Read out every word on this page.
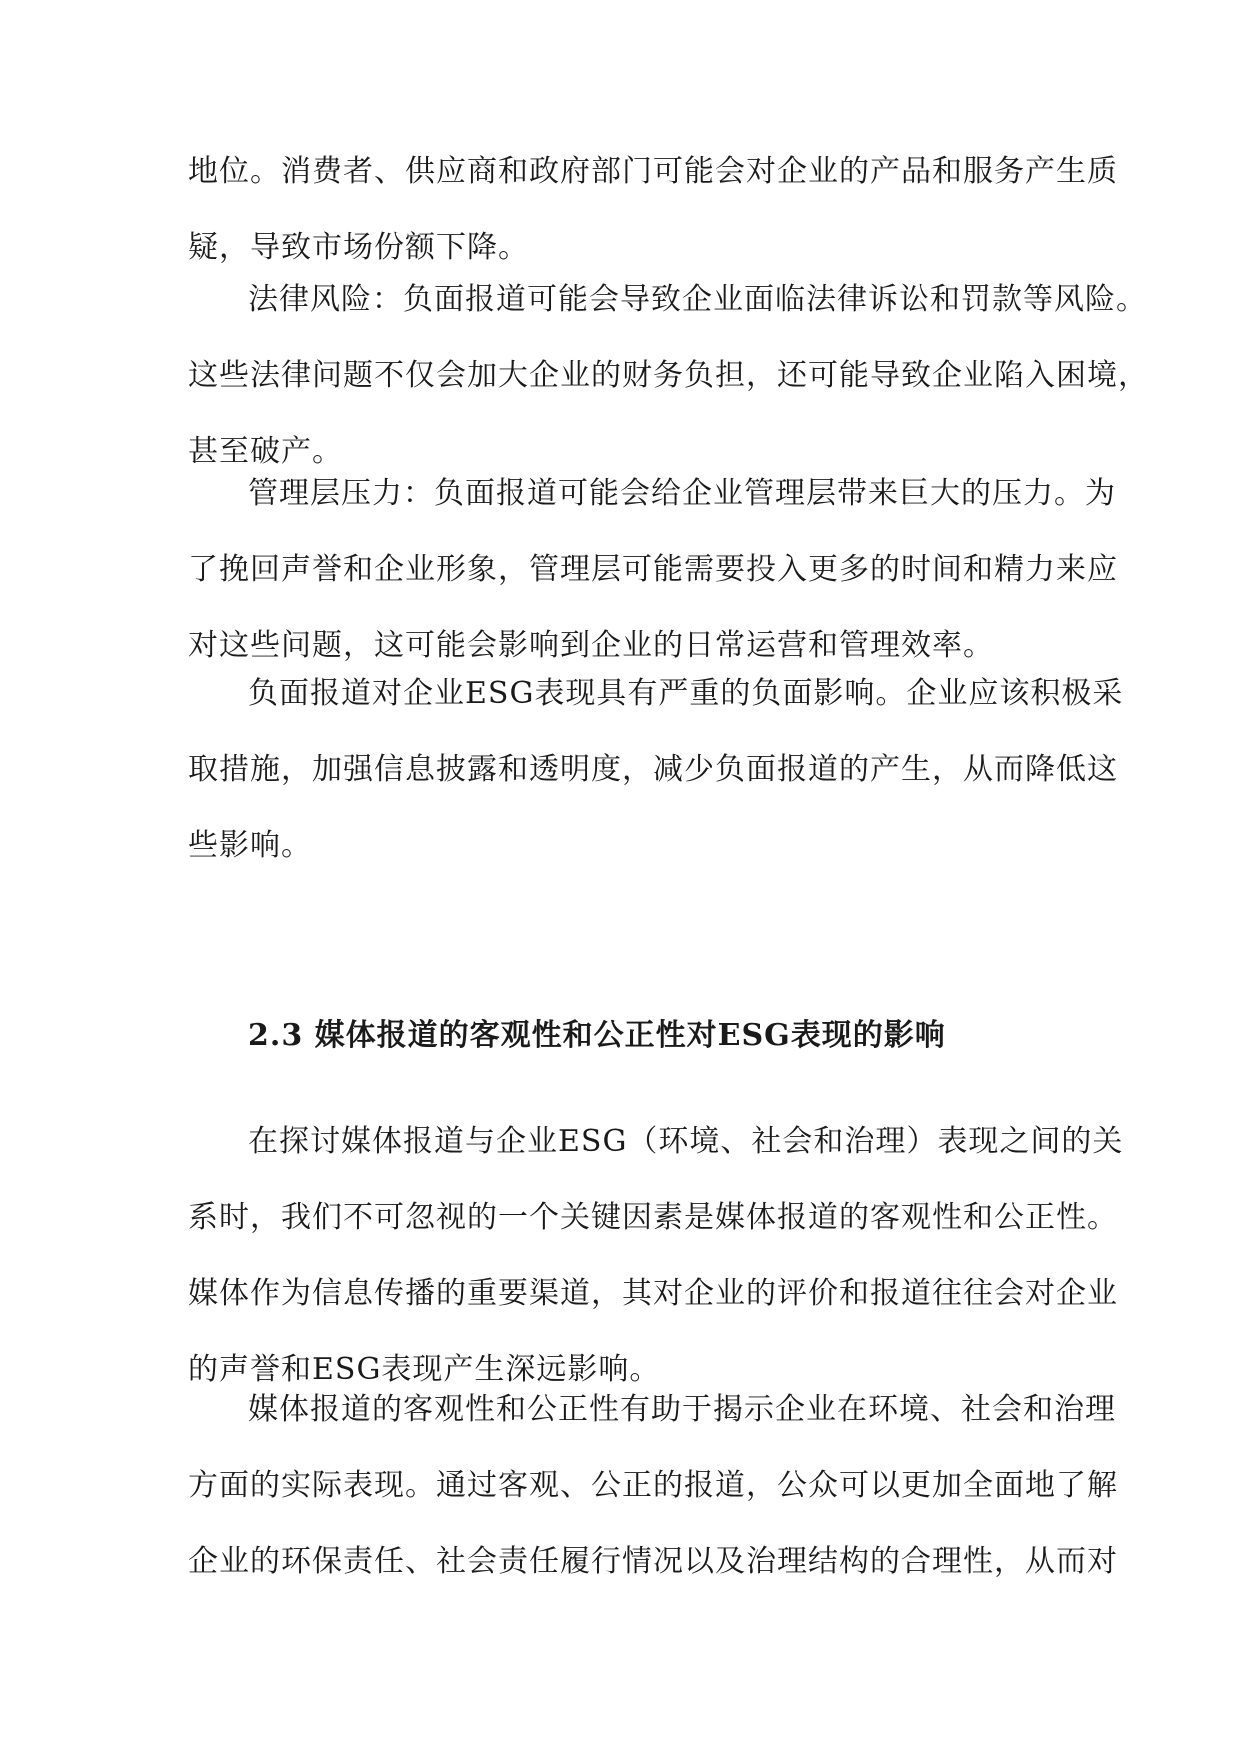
地位。消费者、供应商和政府部门可能会对企业的产品和服务产生质
疑，导致市场份额下降。
法律风险：负面报道可能会导致企业面临法律诉讼和罚款等风险。
这些法律问题不仅会加大企业的财务负担，还可能导致企业陷入困境，
甚至破产。
管理层压力：负面报道可能会给企业管理层带来巨大的压力。为
了挽回声誉和企业形象，管理层可能需要投入更多的时间和精力来应
对这些问题，这可能会影响到企业的日常运营和管理效率。
负面报道对企业ESG表现具有严重的负面影响。企业应该积极采
取措施，加强信息披露和透明度，减少负面报道的产生，从而降低这
些影响。
2.3 媒体报道的客观性和公正性对ESG表现的影响
在探讨媒体报道与企业ESG（环境、社会和治理）表现之间的关
系时，我们不可忽视的一个关键因素是媒体报道的客观性和公正性。
媒体作为信息传播的重要渠道，其对企业的评价和报道往往会对企业
的声誉和ESG表现产生深远影响。
媒体报道的客观性和公正性有助于揭示企业在环境、社会和治理
方面的实际表现。通过客观、公正的报道，公众可以更加全面地了解
企业的环保责任、社会责任履行情况以及治理结构的合理性，从而对
